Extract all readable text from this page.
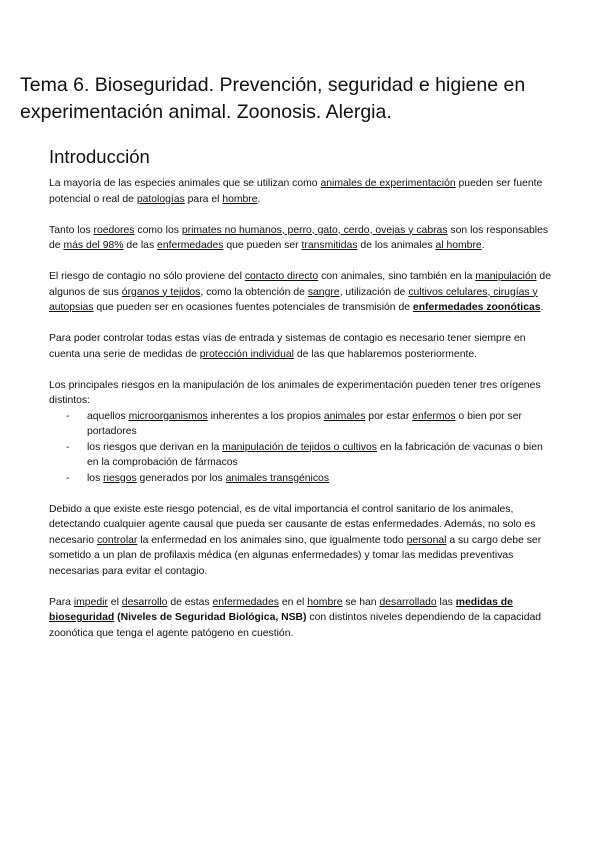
Tema 6. Bioseguridad. Prevención, seguridad e higiene en experimentación animal. Zoonosis. Alergia.
Introducción

La mayoría de las especies animales que se utilizan como animales de experimentación pueden ser fuente potencial o real de patologías para el hombre.

Tanto los roedores como los primates no humanos, perro, gato, cerdo, ovejas y cabras son los responsables de más del 98% de las enfermedades que pueden ser transmitidas de los animales al hombre.

El riesgo de contagio no sólo proviene del contacto directo con animales, sino también en la manipulación de algunos de sus órganos y tejidos, como la obtención de sangre, utilización de cultivos celulares, cirugías y autopsias que pueden ser en ocasiones fuentes potenciales de transmisión de enfermedades zoonóticas.

Para poder controlar todas estas vías de entrada y sistemas de contagio es necesario tener siempre en cuenta una serie de medidas de protección individual de las que hablaremos posteriormente.

Los principales riesgos en la manipulación de los animales de experimentación pueden tener tres orígenes distintos:

- aquellos microorganismos inherentes a los propios animales por estar enfermos o bien por ser portadores
- los riesgos que derivan en la manipulación de tejidos o cultivos en la fabricación de vacunas o bien en la comprobación de fármacos
- los riesgos generados por los animales transgénicos

Debido a que existe este riesgo potencial, es de vital importancia el control sanitario de los animales, detectando cualquier agente causal que pueda ser causante de estas enfermedades. Además, no solo es necesario controlar la enfermedad en los animales sino, que igualmente todo personal a su cargo debe ser sometido a un plan de profilaxis médica (en algunas enfermedades) y tomar las medidas preventivas necesarias para evitar el contagio.

Para impedir el desarrollo de estas enfermedades en el hombre se han desarrollado las medidas de bioseguridad (Niveles de Seguridad Biológica, NSB) con distintos niveles dependiendo de la capacidad zoonótica que tenga el agente patógeno en cuestión.
